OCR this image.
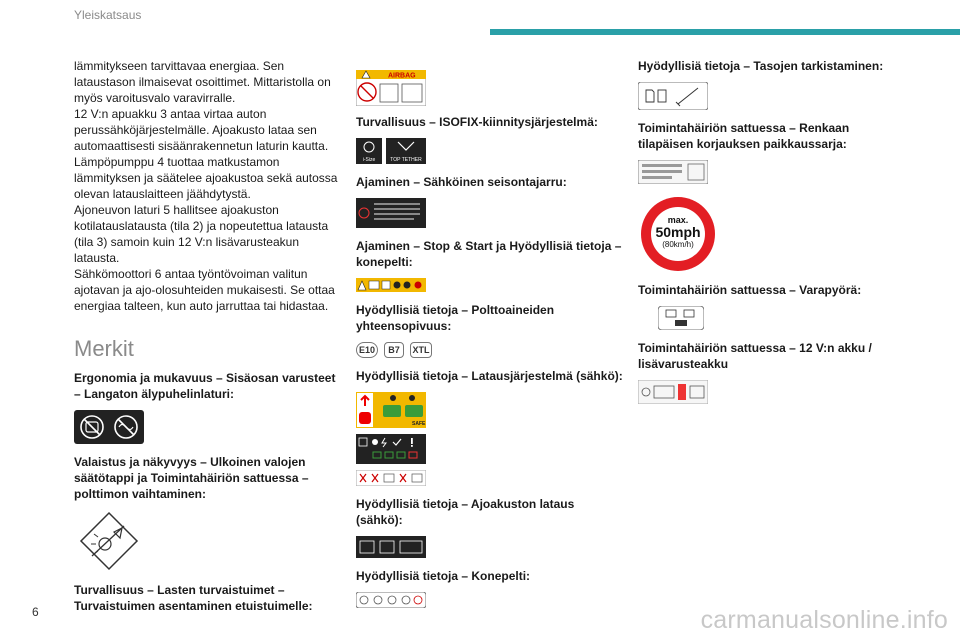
Yleiskatsaus

lämmitykseen tarvittavaa energiaa. Sen lataustason ilmaisevat osoittimet. Mittaristolla on myös varoitusvalo varavirralle.

12 V:n apuakku 3 antaa virtaa auton perussähköjärjestelmälle. Ajoakusto lataa sen automaattisesti sisäänrakennetun laturin kautta.

Lämpöpumppu 4 tuottaa matkustamon lämmityksen ja säätelee ajoakustoa sekä autossa olevan latauslaitteen jäähdytystä.

Ajoneuvon laturi 5 hallitsee ajoakuston kotilatauslatausta (tila 2) ja nopeutettua latausta (tila 3) samoin kuin 12 V:n lisävarusteakun latausta.

Sähkömoottori 6 antaa työntövoiman valitun ajotavan ja ajo-olosuhteiden mukaisesti. Se ottaa energiaa talteen, kun auto jarruttaa tai hidastaa.

Merkit

Ergonomia ja mukavuus – Sisäosan varusteet – Langaton älypuhelinlaturi:

Valaistus ja näkyvyys – Ulkoinen valojen säätötappi ja Toimintahäiriön sattuessa – polttimon vaihtaminen:

Turvallisuus – Lasten turvaistuimet – Turvaistuimen asentaminen etuistuimelle:

AIRBAG

Turvallisuus – ISOFIX-kiinnitysjärjestelmä:

i-Size	TOP TETHER

Ajaminen – Sähköinen seisontajarru:

Ajaminen – Stop & Start ja Hyödyllisiä tietoja – konepelti:

Hyödyllisiä tietoja – Polttoaineiden yhteensopivuus:

E10	B7	XTL

Hyödyllisiä tietoja – Latausjärjestelmä (sähkö):

SAFE

Hyödyllisiä tietoja – Ajoakuston lataus (sähkö):

Hyödyllisiä tietoja – Konepelti:

Hyödyllisiä tietoja – Tasojen tarkistaminen:

Toimintahäiriön sattuessa – Renkaan tilapäisen korjauksen paikkaussarja:

max.
50mph
(80km/h)

Toimintahäiriön sattuessa – Varapyörä:

Toimintahäiriön sattuessa – 12 V:n akku / lisävarusteakku

6	carmanualsonline.info
